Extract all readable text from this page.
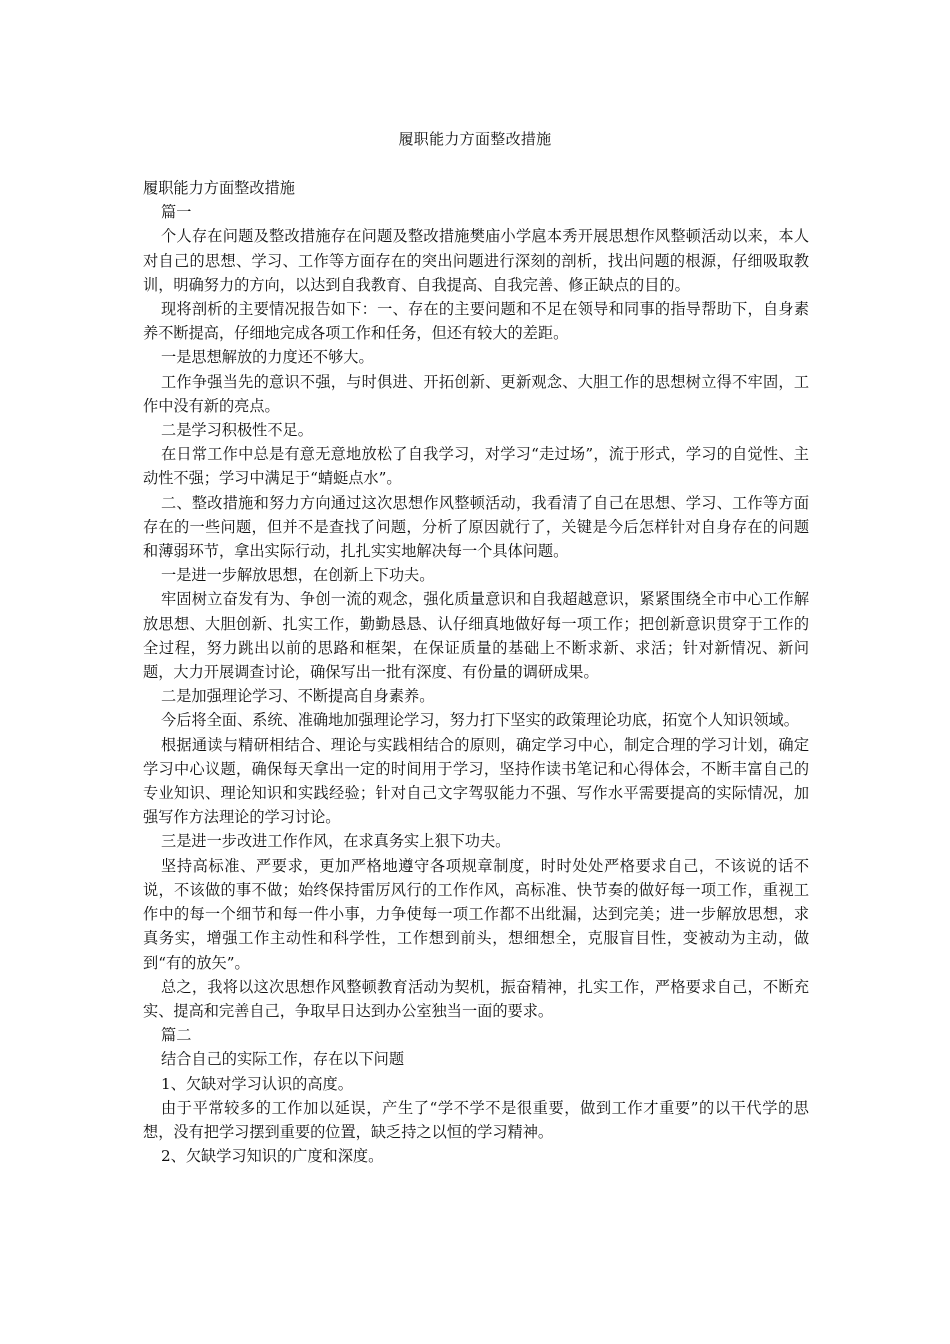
履职能力方面整改措施

履职能力方面整改措施

篇一

个人存在问题及整改措施存在问题及整改措施樊庙小学扈本秀开展思想作风整顿活动以来，本人对自己的思想、学习、工作等方面存在的突出问题进行深刻的剖析，找出问题的根源，仔细吸取教训，明确努力的方向，以达到自我教育、自我提高、自我完善、修正缺点的目的。

现将剖析的主要情况报告如下：一、存在的主要问题和不足在领导和同事的指导帮助下，自身素养不断提高，仔细地完成各项工作和任务，但还有较大的差距。

一是思想解放的力度还不够大。

工作争强当先的意识不强，与时俱进、开拓创新、更新观念、大胆工作的思想树立得不牢固，工作中没有新的亮点。

二是学习积极性不足。

在日常工作中总是有意无意地放松了自我学习，对学习“走过场”，流于形式，学习的自觉性、主动性不强；学习中满足于“蜻蜓点水”。

二、整改措施和努力方向通过这次思想作风整顿活动，我看清了自己在思想、学习、工作等方面存在的一些问题，但并不是查找了问题，分析了原因就行了，关键是今后怎样针对自身存在的问题和薄弱环节，拿出实际行动，扎扎实实地解决每一个具体问题。

一是进一步解放思想，在创新上下功夫。

牢固树立奋发有为、争创一流的观念，强化质量意识和自我超越意识，紧紧围绕全市中心工作解放思想、大胆创新、扎实工作，勤勤恳恳、认仔细真地做好每一项工作；把创新意识贯穿于工作的全过程，努力跳出以前的思路和框架，在保证质量的基础上不断求新、求活；针对新情况、新问题，大力开展调查讨论，确保写出一批有深度、有份量的调研成果。

二是加强理论学习、不断提高自身素养。

今后将全面、系统、准确地加强理论学习，努力打下坚实的政策理论功底，拓宽个人知识领域。

根据通读与精研相结合、理论与实践相结合的原则，确定学习中心，制定合理的学习计划，确定学习中心议题，确保每天拿出一定的时间用于学习，坚持作读书笔记和心得体会，不断丰富自己的专业知识、理论知识和实践经验；针对自己文字驾驭能力不强、写作水平需要提高的实际情况，加强写作方法理论的学习讨论。

三是进一步改进工作作风，在求真务实上狠下功夫。

坚持高标准、严要求，更加严格地遵守各项规章制度，时时处处严格要求自己，不该说的话不说，不该做的事不做；始终保持雷厉风行的工作作风，高标准、快节奏的做好每一项工作，重视工作中的每一个细节和每一件小事，力争使每一项工作都不出纰漏，达到完美；进一步解放思想，求真务实，增强工作主动性和科学性，工作想到前头，想细想全，克服盲目性，变被动为主动，做到“有的放矢”。

总之，我将以这次思想作风整顿教育活动为契机，振奋精神，扎实工作，严格要求自己，不断充实、提高和完善自己，争取早日达到办公室独当一面的要求。

篇二

结合自己的实际工作，存在以下问题

1、欠缺对学习认识的高度。

由于平常较多的工作加以延误，产生了“学不学不是很重要，做到工作才重要”的以干代学的思想，没有把学习摆到重要的位置，缺乏持之以恒的学习精神。

2、欠缺学习知识的广度和深度。
